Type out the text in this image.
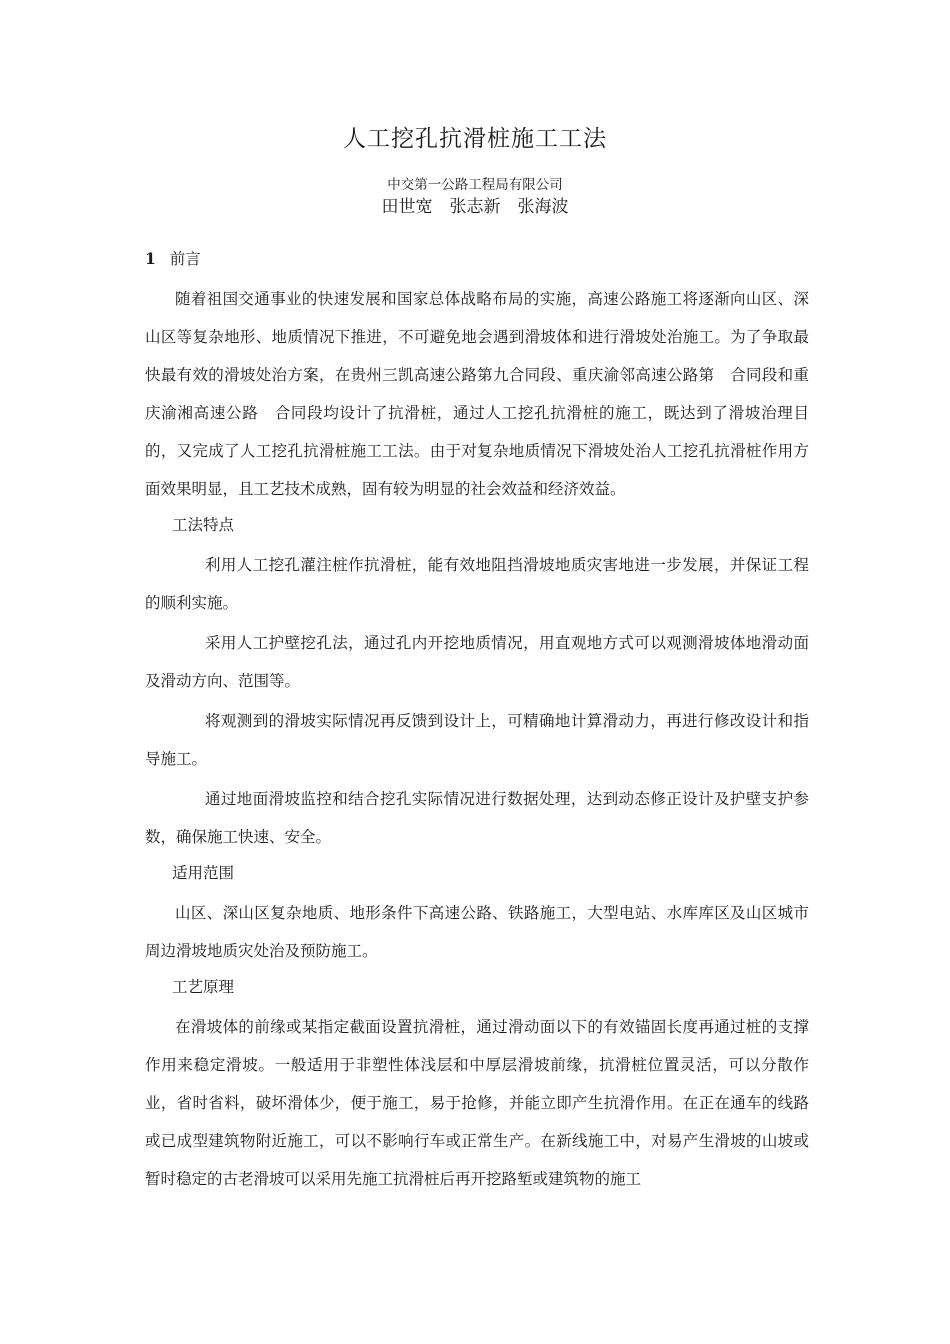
人工挖孔抗滑桩施工工法
中交第一公路工程局有限公司
田世宽　张志新　张海波
1 前言

随着祖国交通事业的快速发展和国家总体战略布局的实施，高速公路施工将逐渐向山区、深山区等复杂地形、地质情况下推进，不可避免地会遇到滑坡体和进行滑坡处治施工。为了争取最快最有效的滑坡处治方案，在贵州三凯高速公路第九合同段、重庆渝邻高速公路第　合同段和重庆渝湘高速公路　合同段均设计了抗滑桩，通过人工挖孔抗滑桩的施工，既达到了滑坡治理目的，又完成了人工挖孔抗滑桩施工工法。由于对复杂地质情况下滑坡处治人工挖孔抗滑桩作用方面效果明显，且工艺技术成熟，固有较为明显的社会效益和经济效益。

工法特点

利用人工挖孔灌注桩作抗滑桩，能有效地阻挡滑坡地质灾害地进一步发展，并保证工程的顺利实施。

采用人工护壁挖孔法，通过孔内开挖地质情况，用直观地方式可以观测滑坡体地滑动面及滑动方向、范围等。

将观测到的滑坡实际情况再反馈到设计上，可精确地计算滑动力，再进行修改设计和指导施工。

通过地面滑坡监控和结合挖孔实际情况进行数据处理，达到动态修正设计及护壁支护参数，确保施工快速、安全。

适用范围

山区、深山区复杂地质、地形条件下高速公路、铁路施工，大型电站、水库库区及山区城市周边滑坡地质灾处治及预防施工。

工艺原理

在滑坡体的前缘或某指定截面设置抗滑桩，通过滑动面以下的有效锚固长度再通过桩的支撑作用来稳定滑坡。一般适用于非塑性体浅层和中厚层滑坡前缘，抗滑桩位置灵活，可以分散作业，省时省料，破坏滑体少，便于施工，易于抢修，并能立即产生抗滑作用。在正在通车的线路或已成型建筑物附近施工，可以不影响行车或正常生产。在新线施工中，对易产生滑坡的山坡或暂时稳定的古老滑坡可以采用先施工抗滑桩后再开挖路堑或建筑物的施工
